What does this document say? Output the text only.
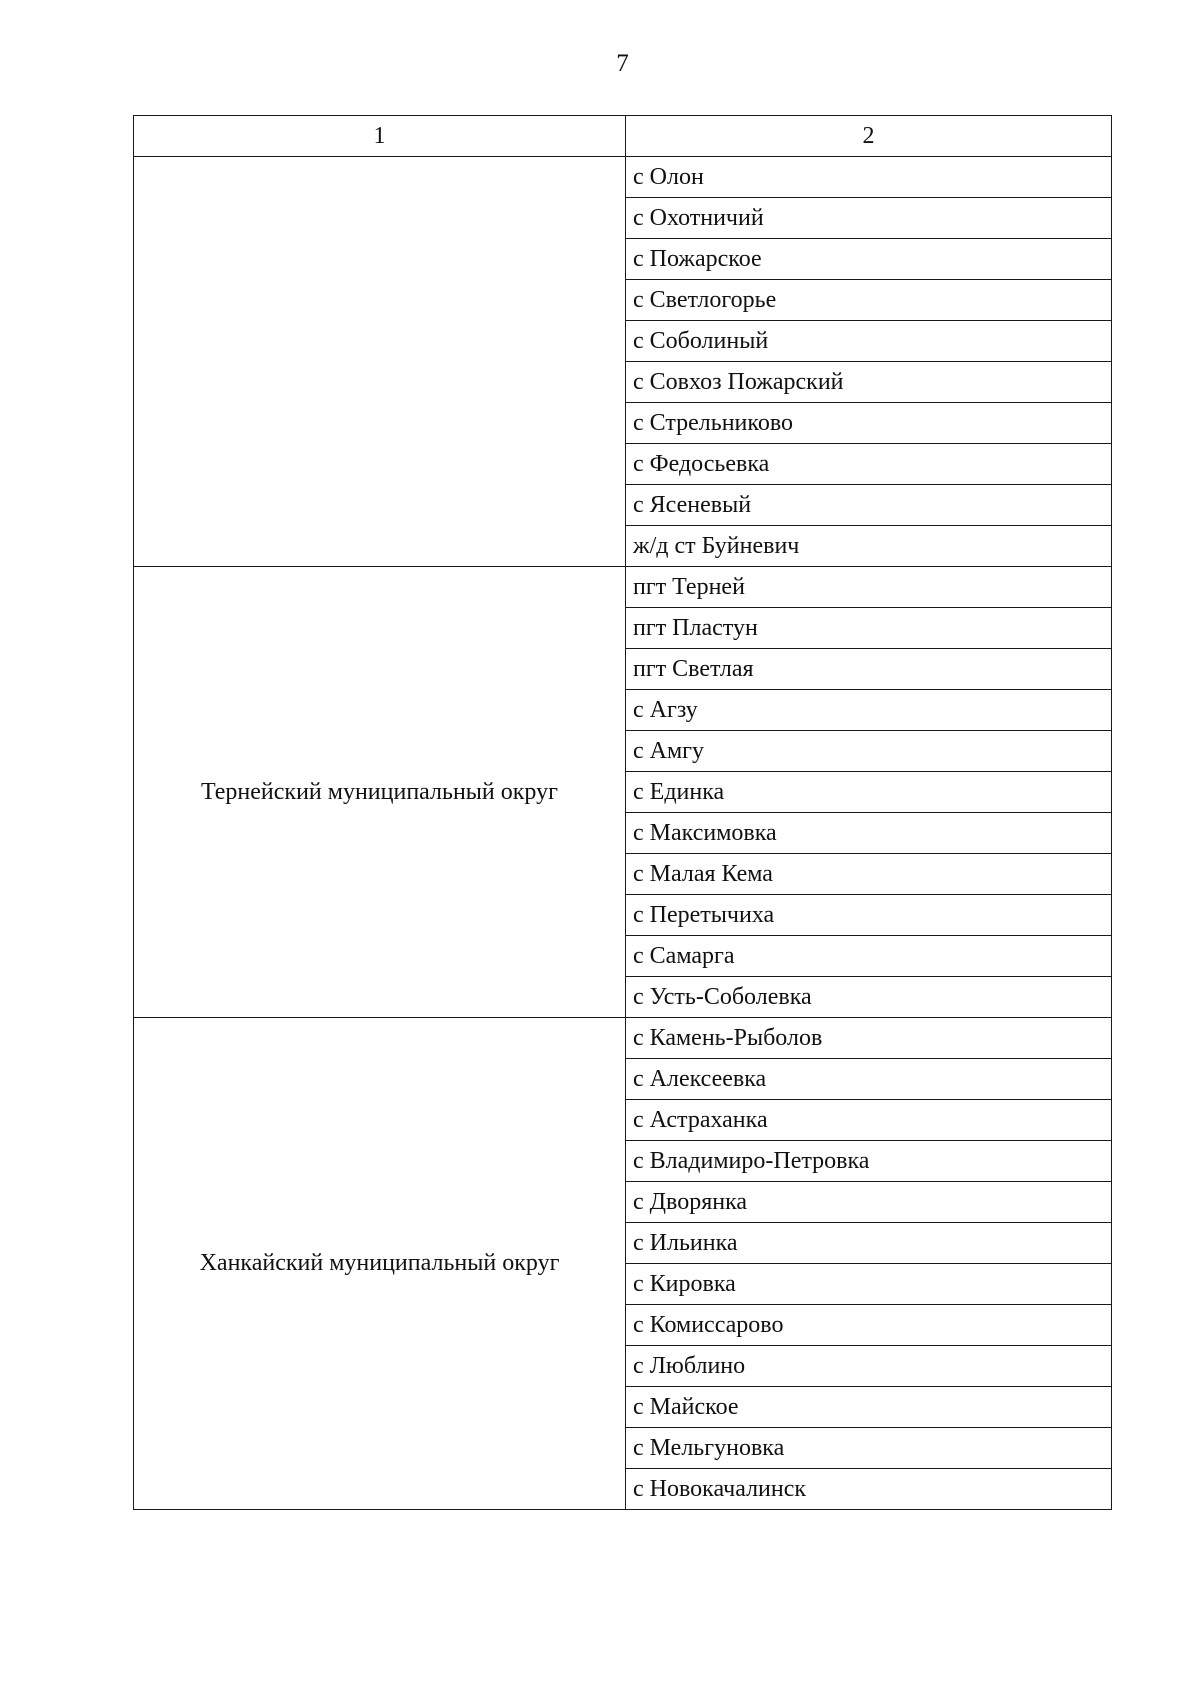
7
1	2
	с Олон
	с Охотничий
	с Пожарское
	с Светлогорье
	с Соболиный
	с Совхоз Пожарский
	с Стрельниково
	с Федосьевка
	с Ясеневый
	ж/д ст Буйневич
Тернейский муниципальный округ	пгт Терней
	пгт Пластун
	пгт Светлая
	с Агзу
	с Амгу
	с Единка
	с Максимовка
	с Малая Кема
	с Перетычиха
	с Самарга
	с Усть-Соболевка
Ханкайский муниципальный округ	с Камень-Рыболов
	с Алексеевка
	с Астраханка
	с Владимиро-Петровка
	с Дворянка
	с Ильинка
	с Кировка
	с Комиссарово
	с Люблино
	с Майское
	с Мельгуновка
	с Новокачалинск
